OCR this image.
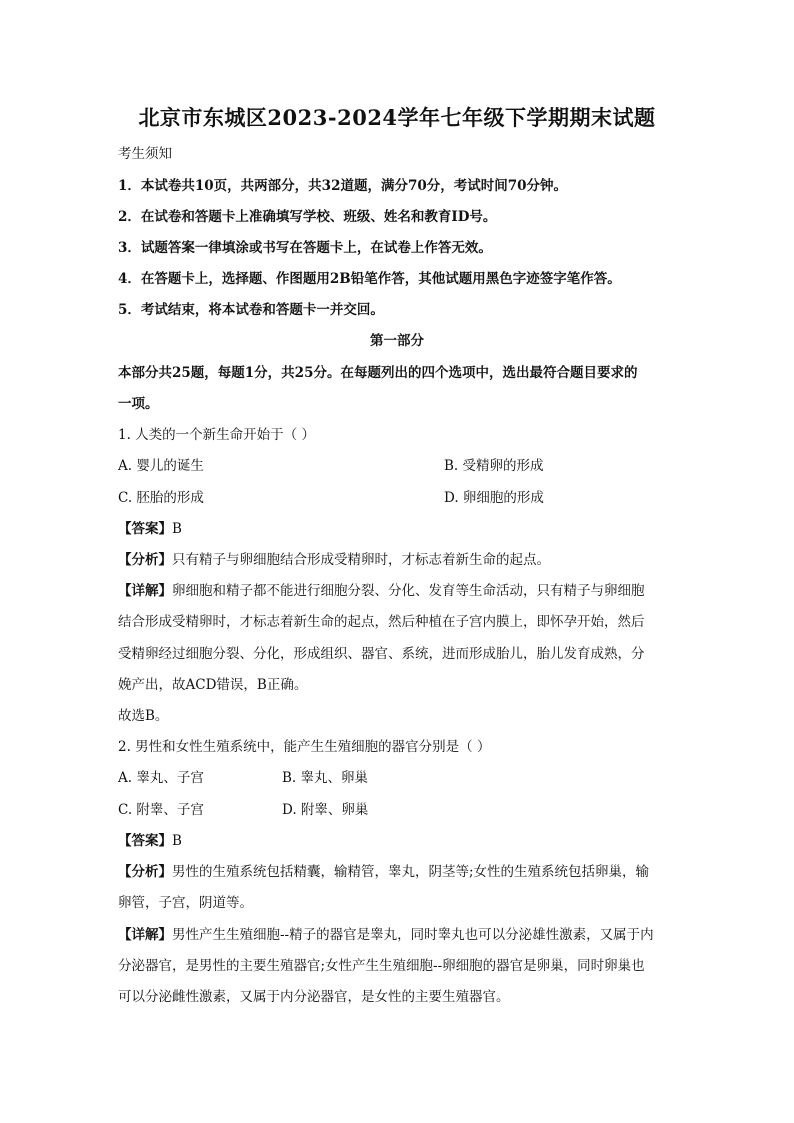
北京市东城区2023-2024学年七年级下学期期末试题

考生须知

1．本试卷共10页，共两部分，共32道题，满分70分，考试时间70分钟。

2．在试卷和答题卡上准确填写学校、班级、姓名和教育ID号。

3．试题答案一律填涂或书写在答题卡上，在试卷上作答无效。

4．在答题卡上，选择题、作图题用2B铅笔作答，其他试题用黑色字迹签字笔作答。

5．考试结束，将本试卷和答题卡一并交回。

第一部分

本部分共25题，每题1分，共25分。在每题列出的四个选项中，选出最符合题目要求的

一项。

1. 人类的一个新生命开始于（ ）

A. 婴儿的诞生	B. 受精卵的形成

C. 胚胎的形成	D. 卵细胞的形成

【答案】B

【分析】只有精子与卵细胞结合形成受精卵时，才标志着新生命的起点。

【详解】卵细胞和精子都不能进行细胞分裂、分化、发育等生命活动，只有精子与卵细胞

结合形成受精卵时，才标志着新生命的起点，然后种植在子宫内膜上，即怀孕开始，然后

受精卵经过细胞分裂、分化，形成组织、器官、系统，进而形成胎儿，胎儿发育成熟，分

娩产出，故ACD错误，B正确。

故选B。

2. 男性和女性生殖系统中，能产生生殖细胞的器官分别是（ ）

A. 睾丸、子宫	B. 睾丸、卵巢

C. 附睾、子宫	D. 附睾、卵巢

【答案】B

【分析】男性的生殖系统包括精囊，输精管，睾丸，阴茎等;女性的生殖系统包括卵巢，输

卵管，子宫，阴道等。

【详解】男性产生生殖细胞--精子的器官是睾丸，同时睾丸也可以分泌雄性激素，又属于内

分泌器官，是男性的主要生殖器官;女性产生生殖细胞--卵细胞的器官是卵巢，同时卵巢也

可以分泌雌性激素，又属于内分泌器官，是女性的主要生殖器官。
